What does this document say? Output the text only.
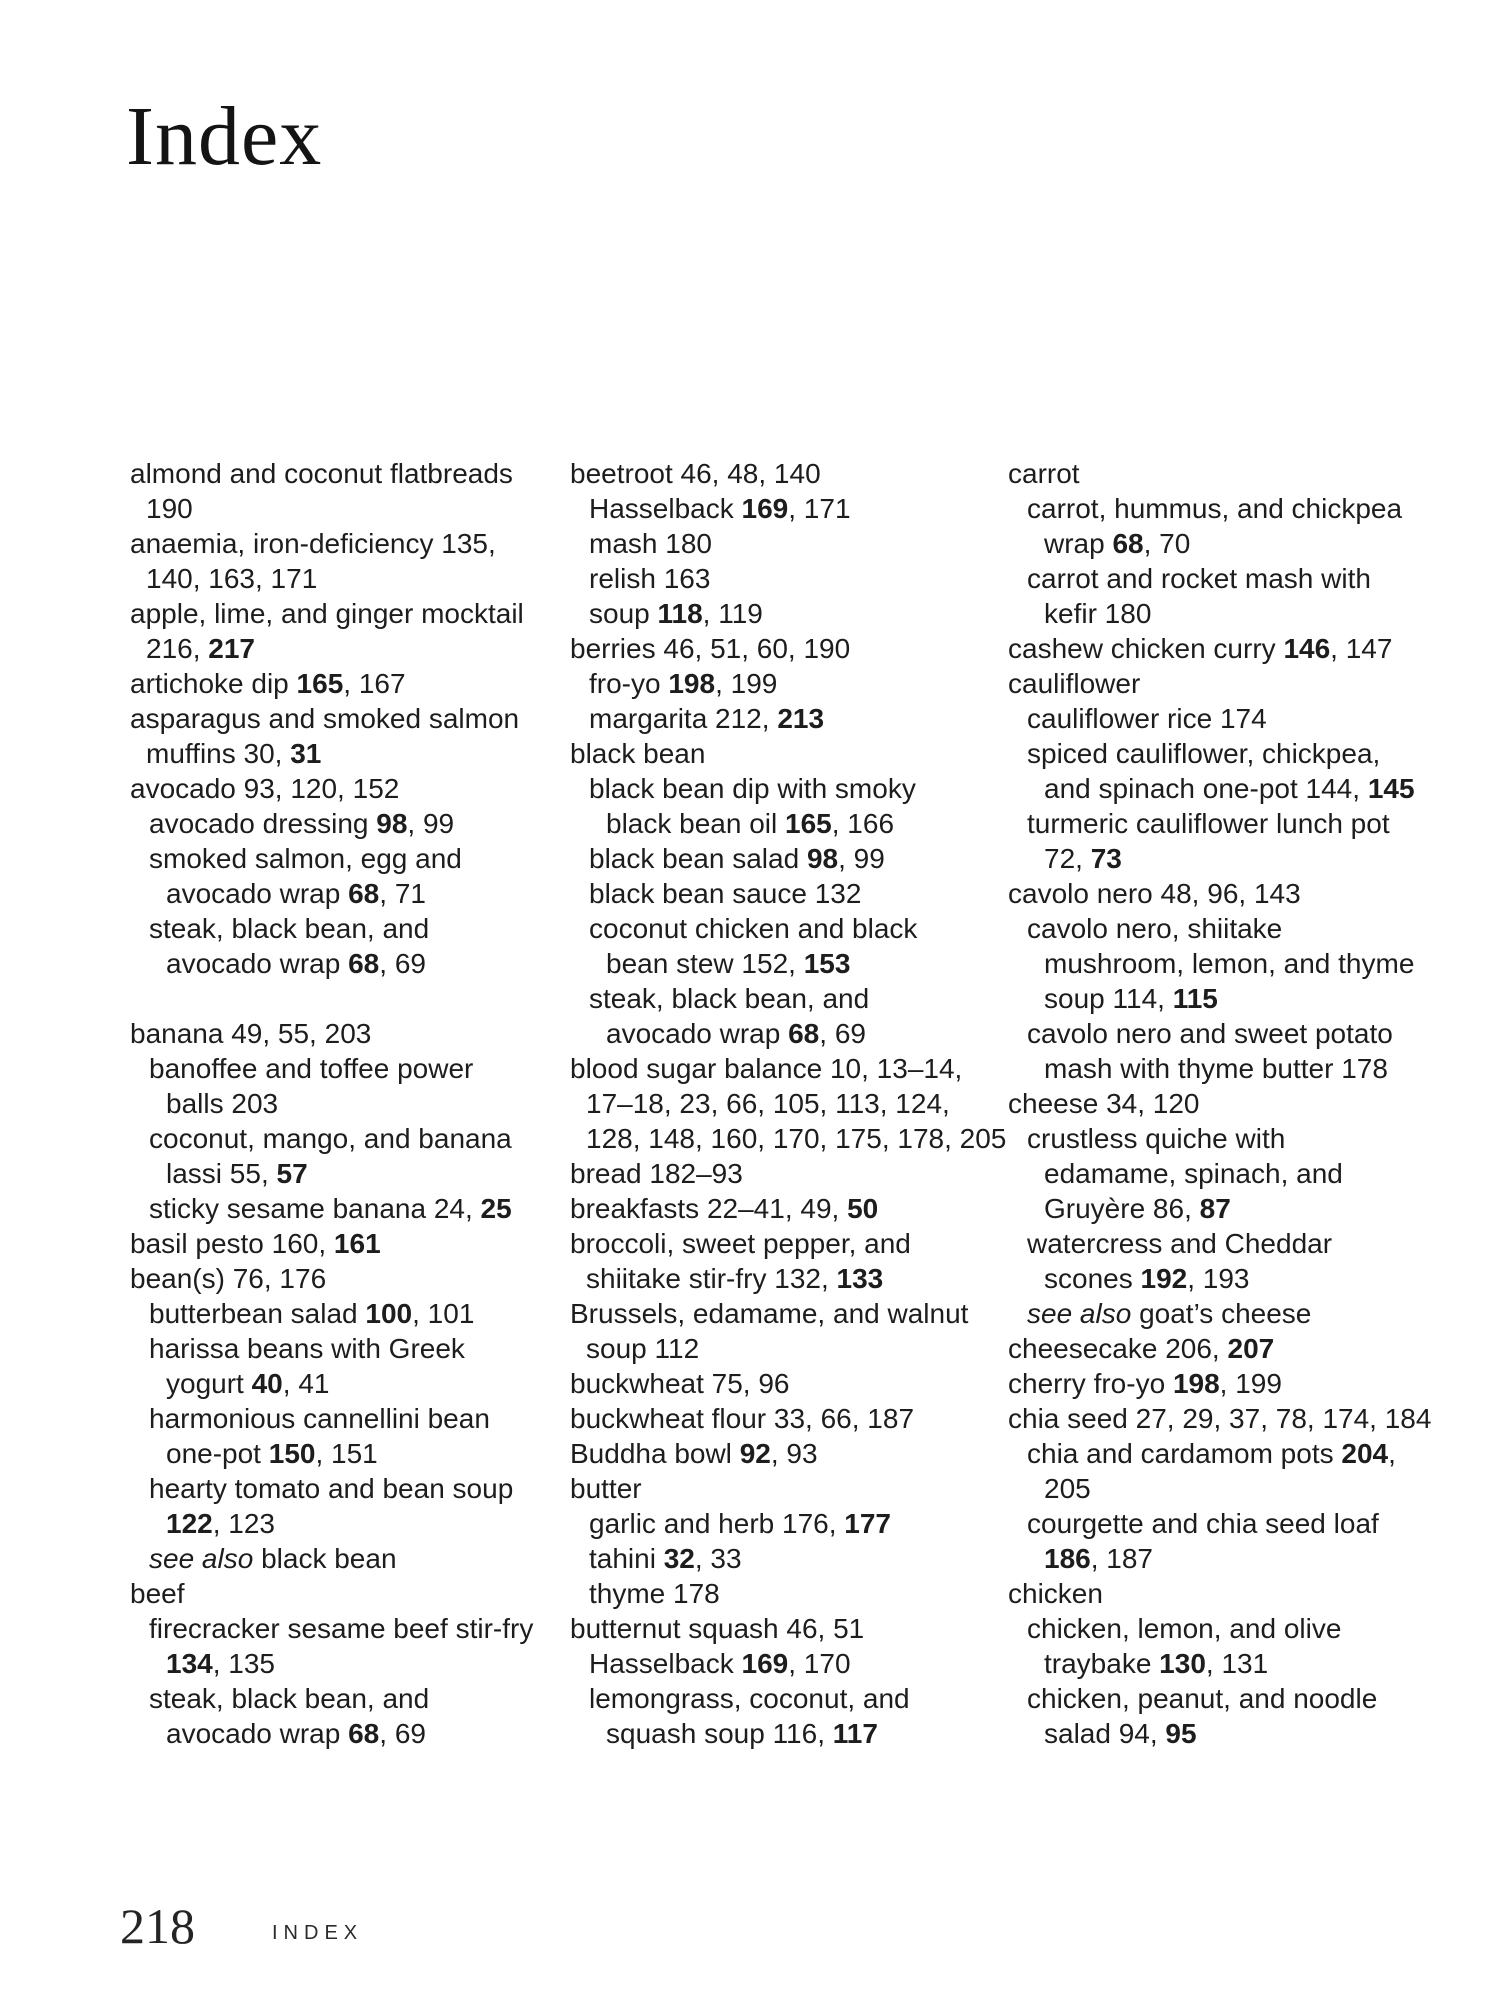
Index
almond and coconut flatbreads
190
anaemia, iron-deficiency 135,
140, 163, 171
apple, lime, and ginger mocktail
216, 217
artichoke dip 165, 167
asparagus and smoked salmon
muffins 30, 31
avocado 93, 120, 152
avocado dressing 98, 99
smoked salmon, egg and
avocado wrap 68, 71
steak, black bean, and
avocado wrap 68, 69
banana 49, 55, 203
banoffee and toffee power
balls 203
coconut, mango, and banana
lassi 55, 57
sticky sesame banana 24, 25
basil pesto 160, 161
bean(s) 76, 176
butterbean salad 100, 101
harissa beans with Greek
yogurt 40, 41
harmonious cannellini bean
one-pot 150, 151
hearty tomato and bean soup
122, 123
see also black bean
beef
firecracker sesame beef stir-fry
134, 135
steak, black bean, and
avocado wrap 68, 69
beetroot 46, 48, 140
Hasselback 169, 171
mash 180
relish 163
soup 118, 119
berries 46, 51, 60, 190
fro-yo 198, 199
margarita 212, 213
black bean
black bean dip with smoky
black bean oil 165, 166
black bean salad 98, 99
black bean sauce 132
coconut chicken and black
bean stew 152, 153
steak, black bean, and
avocado wrap 68, 69
blood sugar balance 10, 13–14,
17–18, 23, 66, 105, 113, 124,
128, 148, 160, 170, 175, 178, 205
bread 182–93
breakfasts 22–41, 49, 50
broccoli, sweet pepper, and
shiitake stir-fry 132, 133
Brussels, edamame, and walnut
soup 112
buckwheat 75, 96
buckwheat flour 33, 66, 187
Buddha bowl 92, 93
butter
garlic and herb 176, 177
tahini 32, 33
thyme 178
butternut squash 46, 51
Hasselback 169, 170
lemongrass, coconut, and
squash soup 116, 117
carrot
carrot, hummus, and chickpea
wrap 68, 70
carrot and rocket mash with
kefir 180
cashew chicken curry 146, 147
cauliflower
cauliflower rice 174
spiced cauliflower, chickpea,
and spinach one-pot 144, 145
turmeric cauliflower lunch pot
72, 73
cavolo nero 48, 96, 143
cavolo nero, shiitake
mushroom, lemon, and thyme
soup 114, 115
cavolo nero and sweet potato
mash with thyme butter 178
cheese 34, 120
crustless quiche with
edamame, spinach, and
Gruyère 86, 87
watercress and Cheddar
scones 192, 193
see also goat’s cheese
cheesecake 206, 207
cherry fro-yo 198, 199
chia seed 27, 29, 37, 78, 174, 184
chia and cardamom pots 204,
205
courgette and chia seed loaf
186, 187
chicken
chicken, lemon, and olive
traybake 130, 131
chicken, peanut, and noodle
salad 94, 95
218	INDEX
